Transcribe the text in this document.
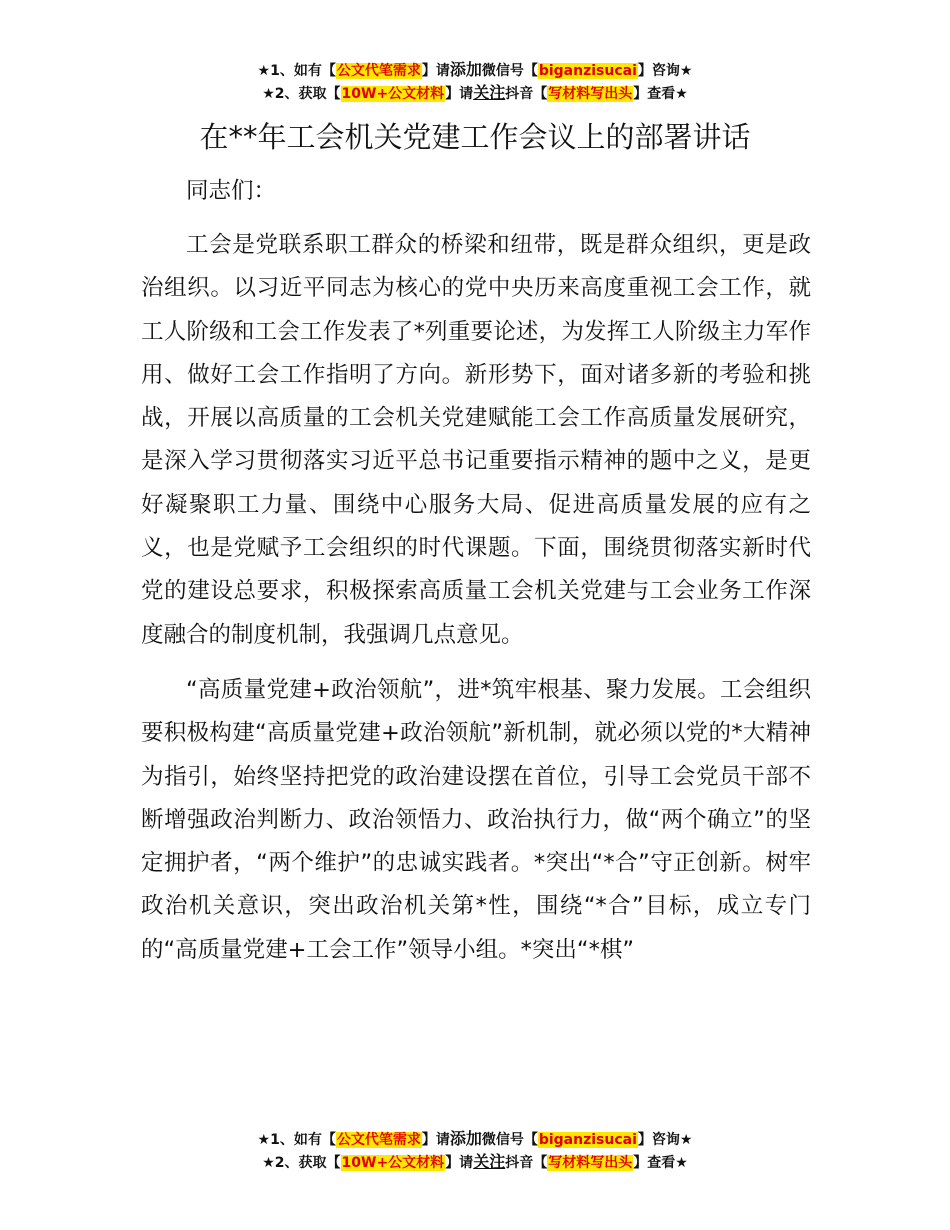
★1、如有【公文代笔需求】请添加微信号【biganzisucai】咨询★
★2、获取【10W+公文材料】请关注抖音【写材料写出头】查看★
在**年工会机关党建工作会议上的部署讲话

同志们：

工会是党联系职工群众的桥梁和纽带，既是群众组织，更是政治组织。以习近平同志为核心的党中央历来高度重视工会工作，就工人阶级和工会工作发表了*列重要论述，为发挥工人阶级主力军作用、做好工会工作指明了方向。新形势下，面对诸多新的考验和挑战，开展以高质量的工会机关党建赋能工会工作高质量发展研究，是深入学习贯彻落实习近平总书记重要指示精神的题中之义，是更好凝聚职工力量、围绕中心服务大局、促进高质量发展的应有之义，也是党赋予工会组织的时代课题。下面，围绕贯彻落实新时代党的建设总要求，积极探索高质量工会机关党建与工会业务工作深度融合的制度机制，我强调几点意见。

“高质量党建+政治领航”，进*筑牢根基、聚力发展。工会组织要积极构建“高质量党建+政治领航”新机制，就必须以党的*大精神为指引，始终坚持把党的政治建设摆在首位，引导工会党员干部不断增强政治判断力、政治领悟力、政治执行力，做“两个确立”的坚定拥护者，“两个维护”的忠诚实践者。*突出“*合”守正创新。树牢政治机关意识，突出政治机关第*性，围绕“*合”目标，成立专门的“高质量党建+工会工作”领导小组。*突出“*棋”

★1、如有【公文代笔需求】请添加微信号【biganzisucai】咨询★
★2、获取【10W+公文材料】请关注抖音【写材料写出头】查看★
